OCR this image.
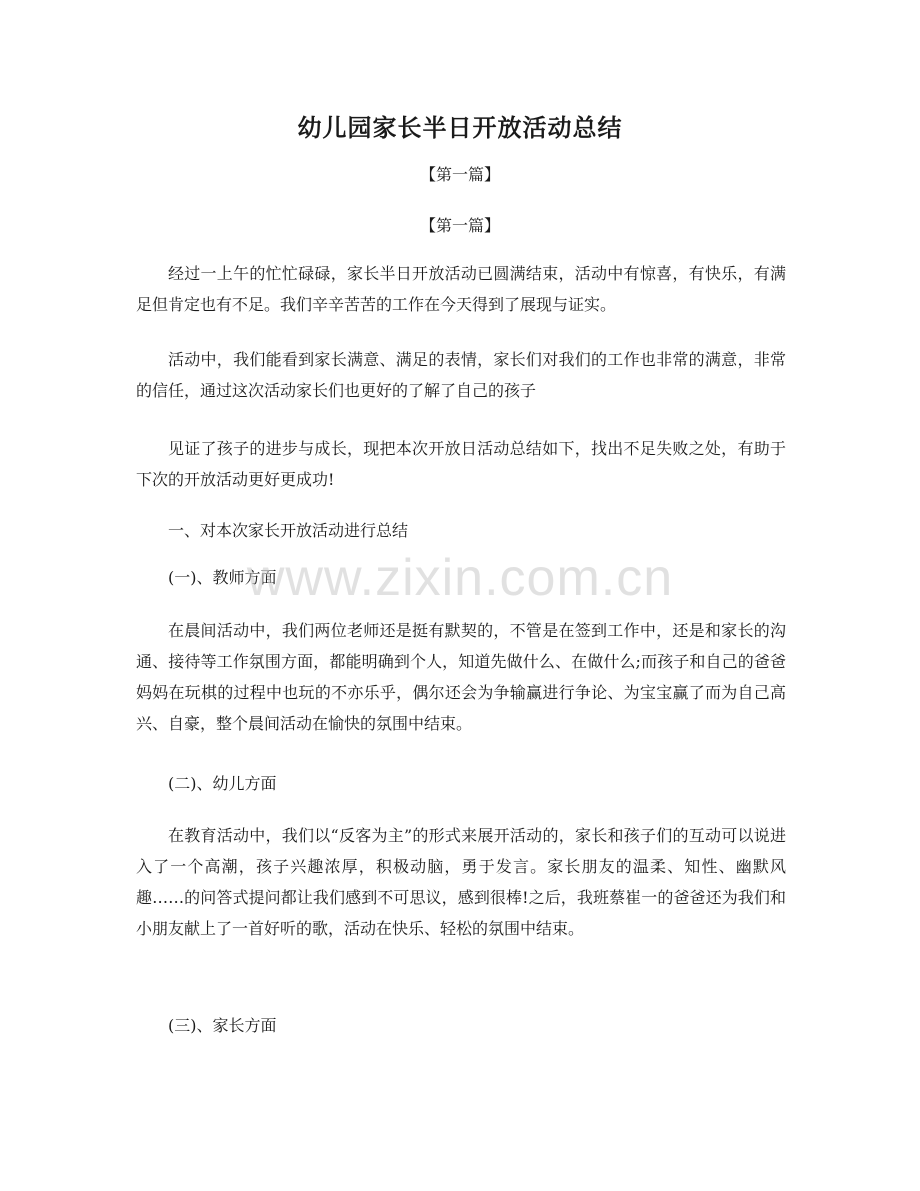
幼儿园家长半日开放活动总结

【第一篇】

【第一篇】

经过一上午的忙忙碌碌，家长半日开放活动已圆满结束，活动中有惊喜，有快乐，有满足但肯定也有不足。我们辛辛苦苦的工作在今天得到了展现与证实。

活动中，我们能看到家长满意、满足的表情，家长们对我们的工作也非常的满意，非常的信任，通过这次活动家长们也更好的了解了自己的孩子

见证了孩子的进步与成长，现把本次开放日活动总结如下，找出不足失败之处，有助于下次的开放活动更好更成功!

一、对本次家长开放活动进行总结

(一)、教师方面

在晨间活动中，我们两位老师还是挺有默契的，不管是在签到工作中，还是和家长的沟通、接待等工作氛围方面，都能明确到个人，知道先做什么、在做什么;而孩子和自己的爸爸妈妈在玩棋的过程中也玩的不亦乐乎，偶尔还会为争输赢进行争论、为宝宝赢了而为自己高兴、自豪，整个晨间活动在愉快的氛围中结束。

(二)、幼儿方面

在教育活动中，我们以“反客为主”的形式来展开活动的，家长和孩子们的互动可以说进入了一个高潮，孩子兴趣浓厚，积极动脑，勇于发言。家长朋友的温柔、知性、幽默风趣……的问答式提问都让我们感到不可思议，感到很棒!之后，我班蔡崔一的爸爸还为我们和小朋友献上了一首好听的歌，活动在快乐、轻松的氛围中结束。

(三)、家长方面

www.zixin.com.cn
